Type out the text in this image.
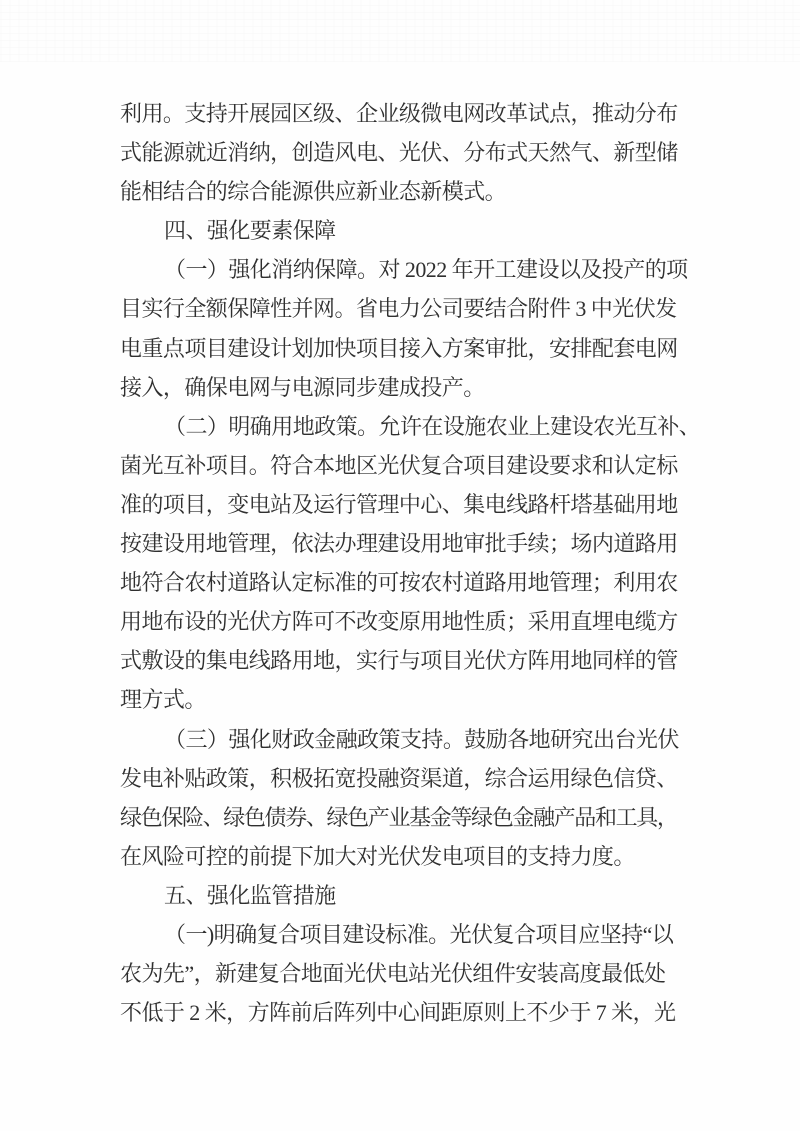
利用。支持开展园区级、企业级微电网改革试点，推动分布
式能源就近消纳，创造风电、光伏、分布式天然气、新型储
能相结合的综合能源供应新业态新模式。
四、强化要素保障
（一）强化消纳保障。对 2022 年开工建设以及投产的项
目实行全额保障性并网。省电力公司要结合附件 3 中光伏发
电重点项目建设计划加快项目接入方案审批，安排配套电网
接入，确保电网与电源同步建成投产。
（二）明确用地政策。允许在设施农业上建设农光互补、
菌光互补项目。符合本地区光伏复合项目建设要求和认定标
准的项目，变电站及运行管理中心、集电线路杆塔基础用地
按建设用地管理，依法办理建设用地审批手续；场内道路用
地符合农村道路认定标准的可按农村道路用地管理；利用农
用地布设的光伏方阵可不改变原用地性质；采用直埋电缆方
式敷设的集电线路用地，实行与项目光伏方阵用地同样的管
理方式。
（三）强化财政金融政策支持。鼓励各地研究出台光伏
发电补贴政策，积极拓宽投融资渠道，综合运用绿色信贷、
绿色保险、绿色债券、绿色产业基金等绿色金融产品和工具，
在风险可控的前提下加大对光伏发电项目的支持力度。
五、强化监管措施
（一)明确复合项目建设标准。光伏复合项目应坚持“以
农为先”，新建复合地面光伏电站光伏组件安装高度最低处
不低于 2 米，方阵前后阵列中心间距原则上不少于 7 米，光
